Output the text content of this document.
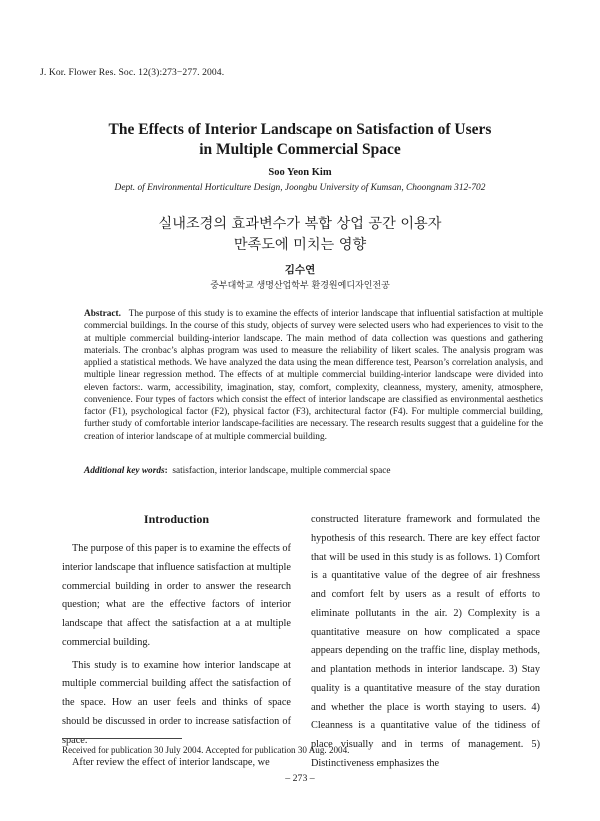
J. Kor. Flower Res. Soc. 12(3):273−277. 2004.
The Effects of Interior Landscape on Satisfaction of Users
in Multiple Commercial Space
Soo Yeon Kim
Dept. of Environmental Horticulture Design, Joongbu University of Kumsan, Choongnam 312-702
실내조경의 효과변수가 복합 상업 공간 이용자
만족도에 미치는 영향
김수연
중부대학교 생명산업학부 환경원예디자인전공
Abstract. The purpose of this study is to examine the effects of interior landscape that influential satisfaction at multiple commercial buildings. In the course of this study, objects of survey were selected users who had experiences to visit to the at multiple commercial building-interior landscape. The main method of data collection was questions and gathering materials. The cronbac’s alphas program was used to measure the reliability of likert scales. The analysis program was applied a statistical methods. We have analyzed the data using the mean difference test, Pearson’s correlation analysis, and multiple linear regression method. The effects of at multiple commercial building-interior landscape were divided into eleven factors:. warm, accessibility, imagination, stay, comfort, complexity, cleanness, mystery, amenity, atmosphere, convenience. Four types of factors which consist the effect of interior landscape are classified as environmental aesthetics factor (F1), psychological factor (F2), physical factor (F3), architectural factor (F4). For multiple commercial building, further study of comfortable interior landscape-facilities are necessary. The research results suggest that a guideline for the creation of interior landscape of at multiple commercial building.
Additional key words: satisfaction, interior landscape, multiple commercial space
Introduction

The purpose of this paper is to examine the effects of interior landscape that influence satisfaction at multiple commercial building in order to answer the research question; what are the effective factors of interior landscape that affect the satisfaction at a at multiple commercial building.

This study is to examine how interior landscape at multiple commercial building affect the satisfaction of the space. How an user feels and thinks of space should be discussed in order to increase satisfaction of space.

After review the effect of interior landscape, we

constructed literature framework and formulated the hypothesis of this research. There are key effect factor that will be used in this study is as follows. 1) Comfort is a quantitative value of the degree of air freshness and comfort felt by users as a result of efforts to eliminate pollutants in the air. 2) Complexity is a quantitative measure on how complicated a space appears depending on the traffic line, display methods, and plantation methods in interior landscape. 3) Stay quality is a quantitative measure of the stay duration and whether the place is worth staying to users. 4) Cleanness is a quantitative value of the tidiness of place visually and in terms of management. 5) Distinctiveness emphasizes the

Received for publication 30 July 2004. Accepted for publication 30 Aug. 2004.
– 273 –
